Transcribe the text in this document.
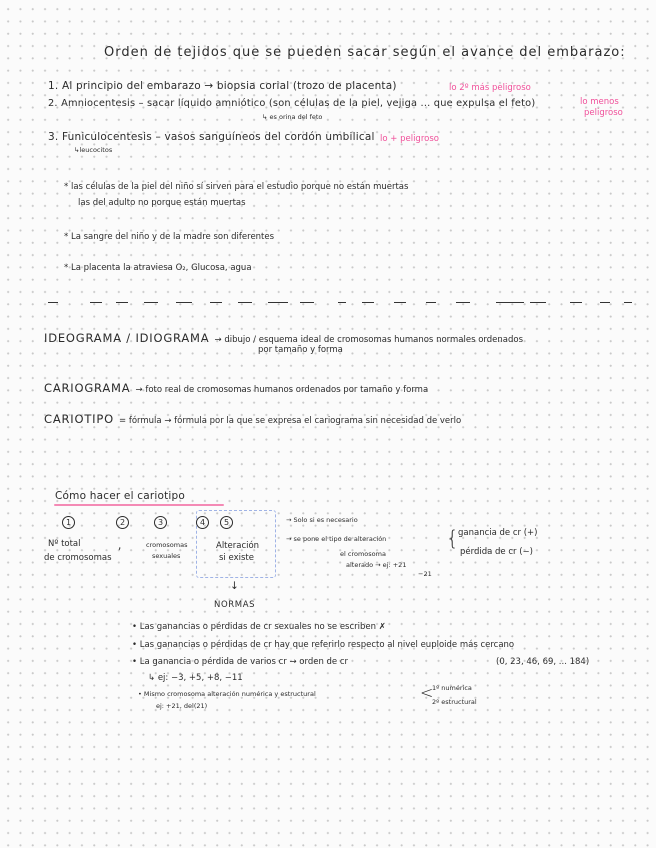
Orden de tejidos que se pueden sacar según el avance del embarazo:
1. Al principio del embarazo → biopsia corial (trozo de placenta)	lo 2º más peligroso
2. Amniocentesis – sacar líquido amniótico (son células de la piel, vejiga ... que expulsa el feto)	lo menos
peligroso
↳ es orina del feto
3. Funiculocentesis – vasos sanguíneos del cordón umbilical lo + peligroso
↳leucocitos
* las células de la piel del niño sí sirven para el estudio porque no están muertas
las del adulto no porque están muertas
* La sangre del niño y de la madre son diferentes
* La placenta la atraviesa O₂, Glucosa, agua
IDEOGRAMA / IDIOGRAMA → dibujo / esquema ideal de cromosomas humanos normales ordenados
por tamaño y forma
CARIOGRAMA → foto real de cromosomas humanos ordenados por tamaño y forma
CARIOTIPO = fórmula → fórmula por la que se expresa el cariograma sin necesidad de verlo
Cómo hacer el cariotipo
1	2	3	4	5
Nº total
de cromosomas
,	cromosomas
sexuales
Alteración
si existe
→ Solo si es necesario
→ se pone el tipo de alteración	{ ganancia de cr (+)
pérdida de cr (−)
el cromosoma
alterado → ej: +21
−21
↓
NORMAS
• Las ganancias o pérdidas de cr sexuales no se escriben ✗
• Las ganancias o pérdidas de cr hay que referirlo respecto al nivel euploide más cercano
• La ganancia o pérdida de varios cr → orden de cr	(0, 23, 46, 69, ... 184)
↳ ej: −3, +5, +8, −11
• Mismo cromosoma alteración numérica y estructural
ej: +21, del(21)
<
1º numérica
2º estructural
